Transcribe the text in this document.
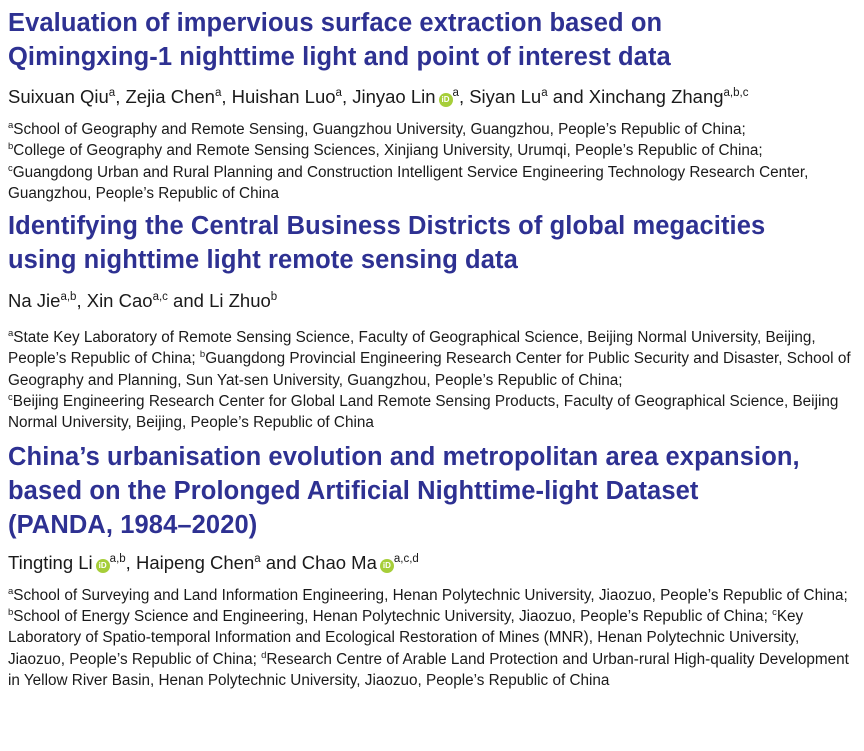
Evaluation of impervious surface extraction based on
Qimingxing-1 nighttime light and point of interest data
Suixuan Qiu$^a$, Zejia Chen$^a$, Huishan Luo$^a$, Jinyao Lin $iD^a$, Siyan Lu$^a$ and Xinchang Zhang$^{a,b,c}$

$^a$School of Geography and Remote Sensing, Guangzhou University, Guangzhou, People’s Republic of China;
$^b$College of Geography and Remote Sensing Sciences, Xinjiang University, Urumqi, People’s Republic of China;
$^c$Guangdong Urban and Rural Planning and Construction Intelligent Service Engineering Technology Research Center, Guangzhou, People’s Republic of China

Identifying the Central Business Districts of global megacities
using nighttime light remote sensing data
Na Jie$^{a,b}$, Xin Cao$^{a,c}$ and Li Zhuo$^b$

$^a$State Key Laboratory of Remote Sensing Science, Faculty of Geographical Science, Beijing Normal University, Beijing, People’s Republic of China; $^b$Guangdong Provincial Engineering Research Center for Public Security and Disaster, School of Geography and Planning, Sun Yat-sen University, Guangzhou, People’s Republic of China;
$^c$Beijing Engineering Research Center for Global Land Remote Sensing Products, Faculty of Geographical Science, Beijing Normal University, Beijing, People’s Republic of China

China’s urbanisation evolution and metropolitan area expansion,
based on the Prolonged Artificial Nighttime-light Dataset
(PANDA, 1984–2020)
Tingting Li iD$^{a,b}$, Haipeng Chen$^a$ and Chao Ma iD$^{a,c,d}$

$^a$School of Surveying and Land Information Engineering, Henan Polytechnic University, Jiaozuo, People’s Republic of China; $^b$School of Energy Science and Engineering, Henan Polytechnic University, Jiaozuo, People’s Republic of China; $^c$Key Laboratory of Spatio-temporal Information and Ecological Restoration of Mines (MNR), Henan Polytechnic University, Jiaozuo, People’s Republic of China; $^d$Research Centre of Arable Land Protection and Urban-rural High-quality Development in Yellow River Basin, Henan Polytechnic University, Jiaozuo, People’s Republic of China
